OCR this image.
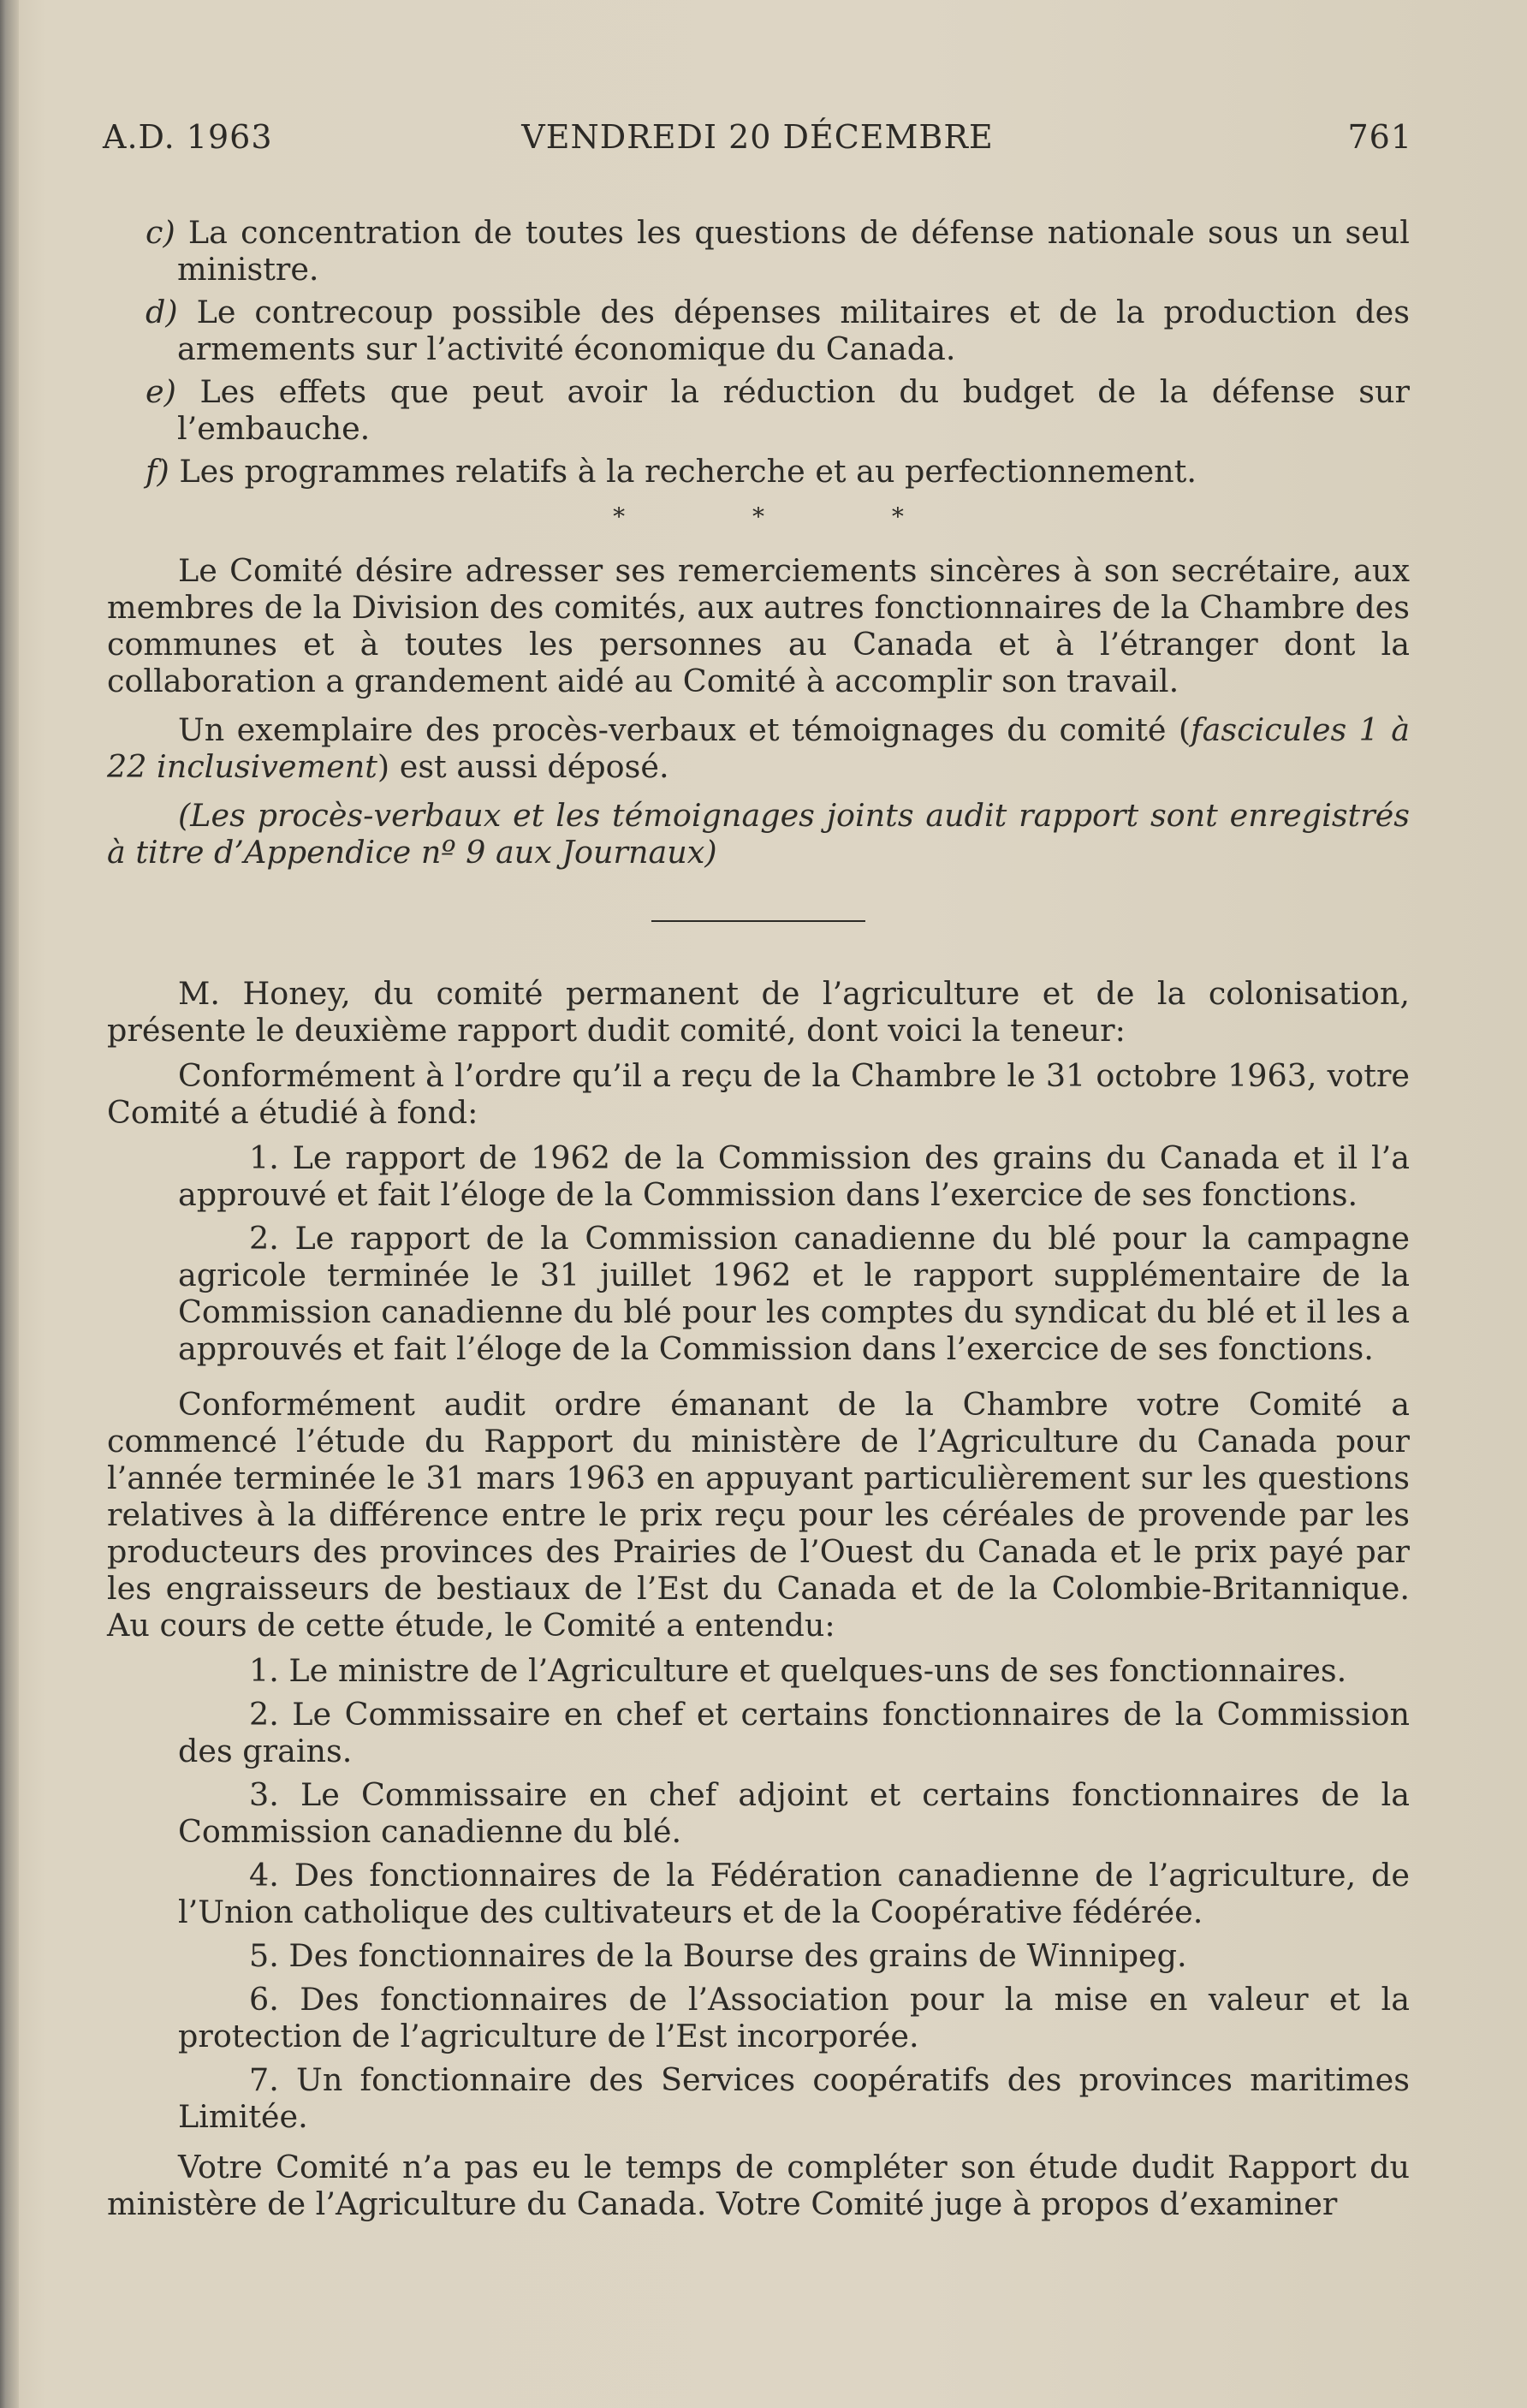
A.D. 1963	VENDREDI 20 DÉCEMBRE	761

c) La concentration de toutes les questions de défense nationale sous un seul ministre.

d) Le contrecoup possible des dépenses militaires et de la production des armements sur l’activité économique du Canada.

e) Les effets que peut avoir la réduction du budget de la défense sur l’embauche.

f) Les programmes relatifs à la recherche et au perfectionnement.

* * *

Le Comité désire adresser ses remerciements sincères à son secrétaire, aux membres de la Division des comités, aux autres fonctionnaires de la Chambre des communes et à toutes les personnes au Canada et à l’étranger dont la collaboration a grandement aidé au Comité à accomplir son travail.

Un exemplaire des procès-verbaux et témoignages du comité (fascicules 1 à 22 inclusivement) est aussi déposé.

(Les procès-verbaux et les témoignages joints audit rapport sont enregistrés à titre d’Appendice nº 9 aux Journaux)

M. Honey, du comité permanent de l’agriculture et de la colonisation, présente le deuxième rapport dudit comité, dont voici la teneur:

Conformément à l’ordre qu’il a reçu de la Chambre le 31 octobre 1963, votre Comité a étudié à fond:

1. Le rapport de 1962 de la Commission des grains du Canada et il l’a approuvé et fait l’éloge de la Commission dans l’exercice de ses fonctions.

2. Le rapport de la Commission canadienne du blé pour la campagne agricole terminée le 31 juillet 1962 et le rapport supplémentaire de la Commission canadienne du blé pour les comptes du syndicat du blé et il les a approuvés et fait l’éloge de la Commission dans l’exercice de ses fonctions.

Conformément audit ordre émanant de la Chambre votre Comité a commencé l’étude du Rapport du ministère de l’Agriculture du Canada pour l’année terminée le 31 mars 1963 en appuyant particulièrement sur les questions relatives à la différence entre le prix reçu pour les céréales de provende par les producteurs des provinces des Prairies de l’Ouest du Canada et le prix payé par les engraisseurs de bestiaux de l’Est du Canada et de la Colombie-Britannique. Au cours de cette étude, le Comité a entendu:

1. Le ministre de l’Agriculture et quelques-uns de ses fonctionnaires.

2. Le Commissaire en chef et certains fonctionnaires de la Commission des grains.

3. Le Commissaire en chef adjoint et certains fonctionnaires de la Commission canadienne du blé.

4. Des fonctionnaires de la Fédération canadienne de l’agriculture, de l’Union catholique des cultivateurs et de la Coopérative fédérée.

5. Des fonctionnaires de la Bourse des grains de Winnipeg.

6. Des fonctionnaires de l’Association pour la mise en valeur et la protection de l’agriculture de l’Est incorporée.

7. Un fonctionnaire des Services coopératifs des provinces maritimes Limitée.

Votre Comité n’a pas eu le temps de compléter son étude dudit Rapport du ministère de l’Agriculture du Canada. Votre Comité juge à propos d’examiner
